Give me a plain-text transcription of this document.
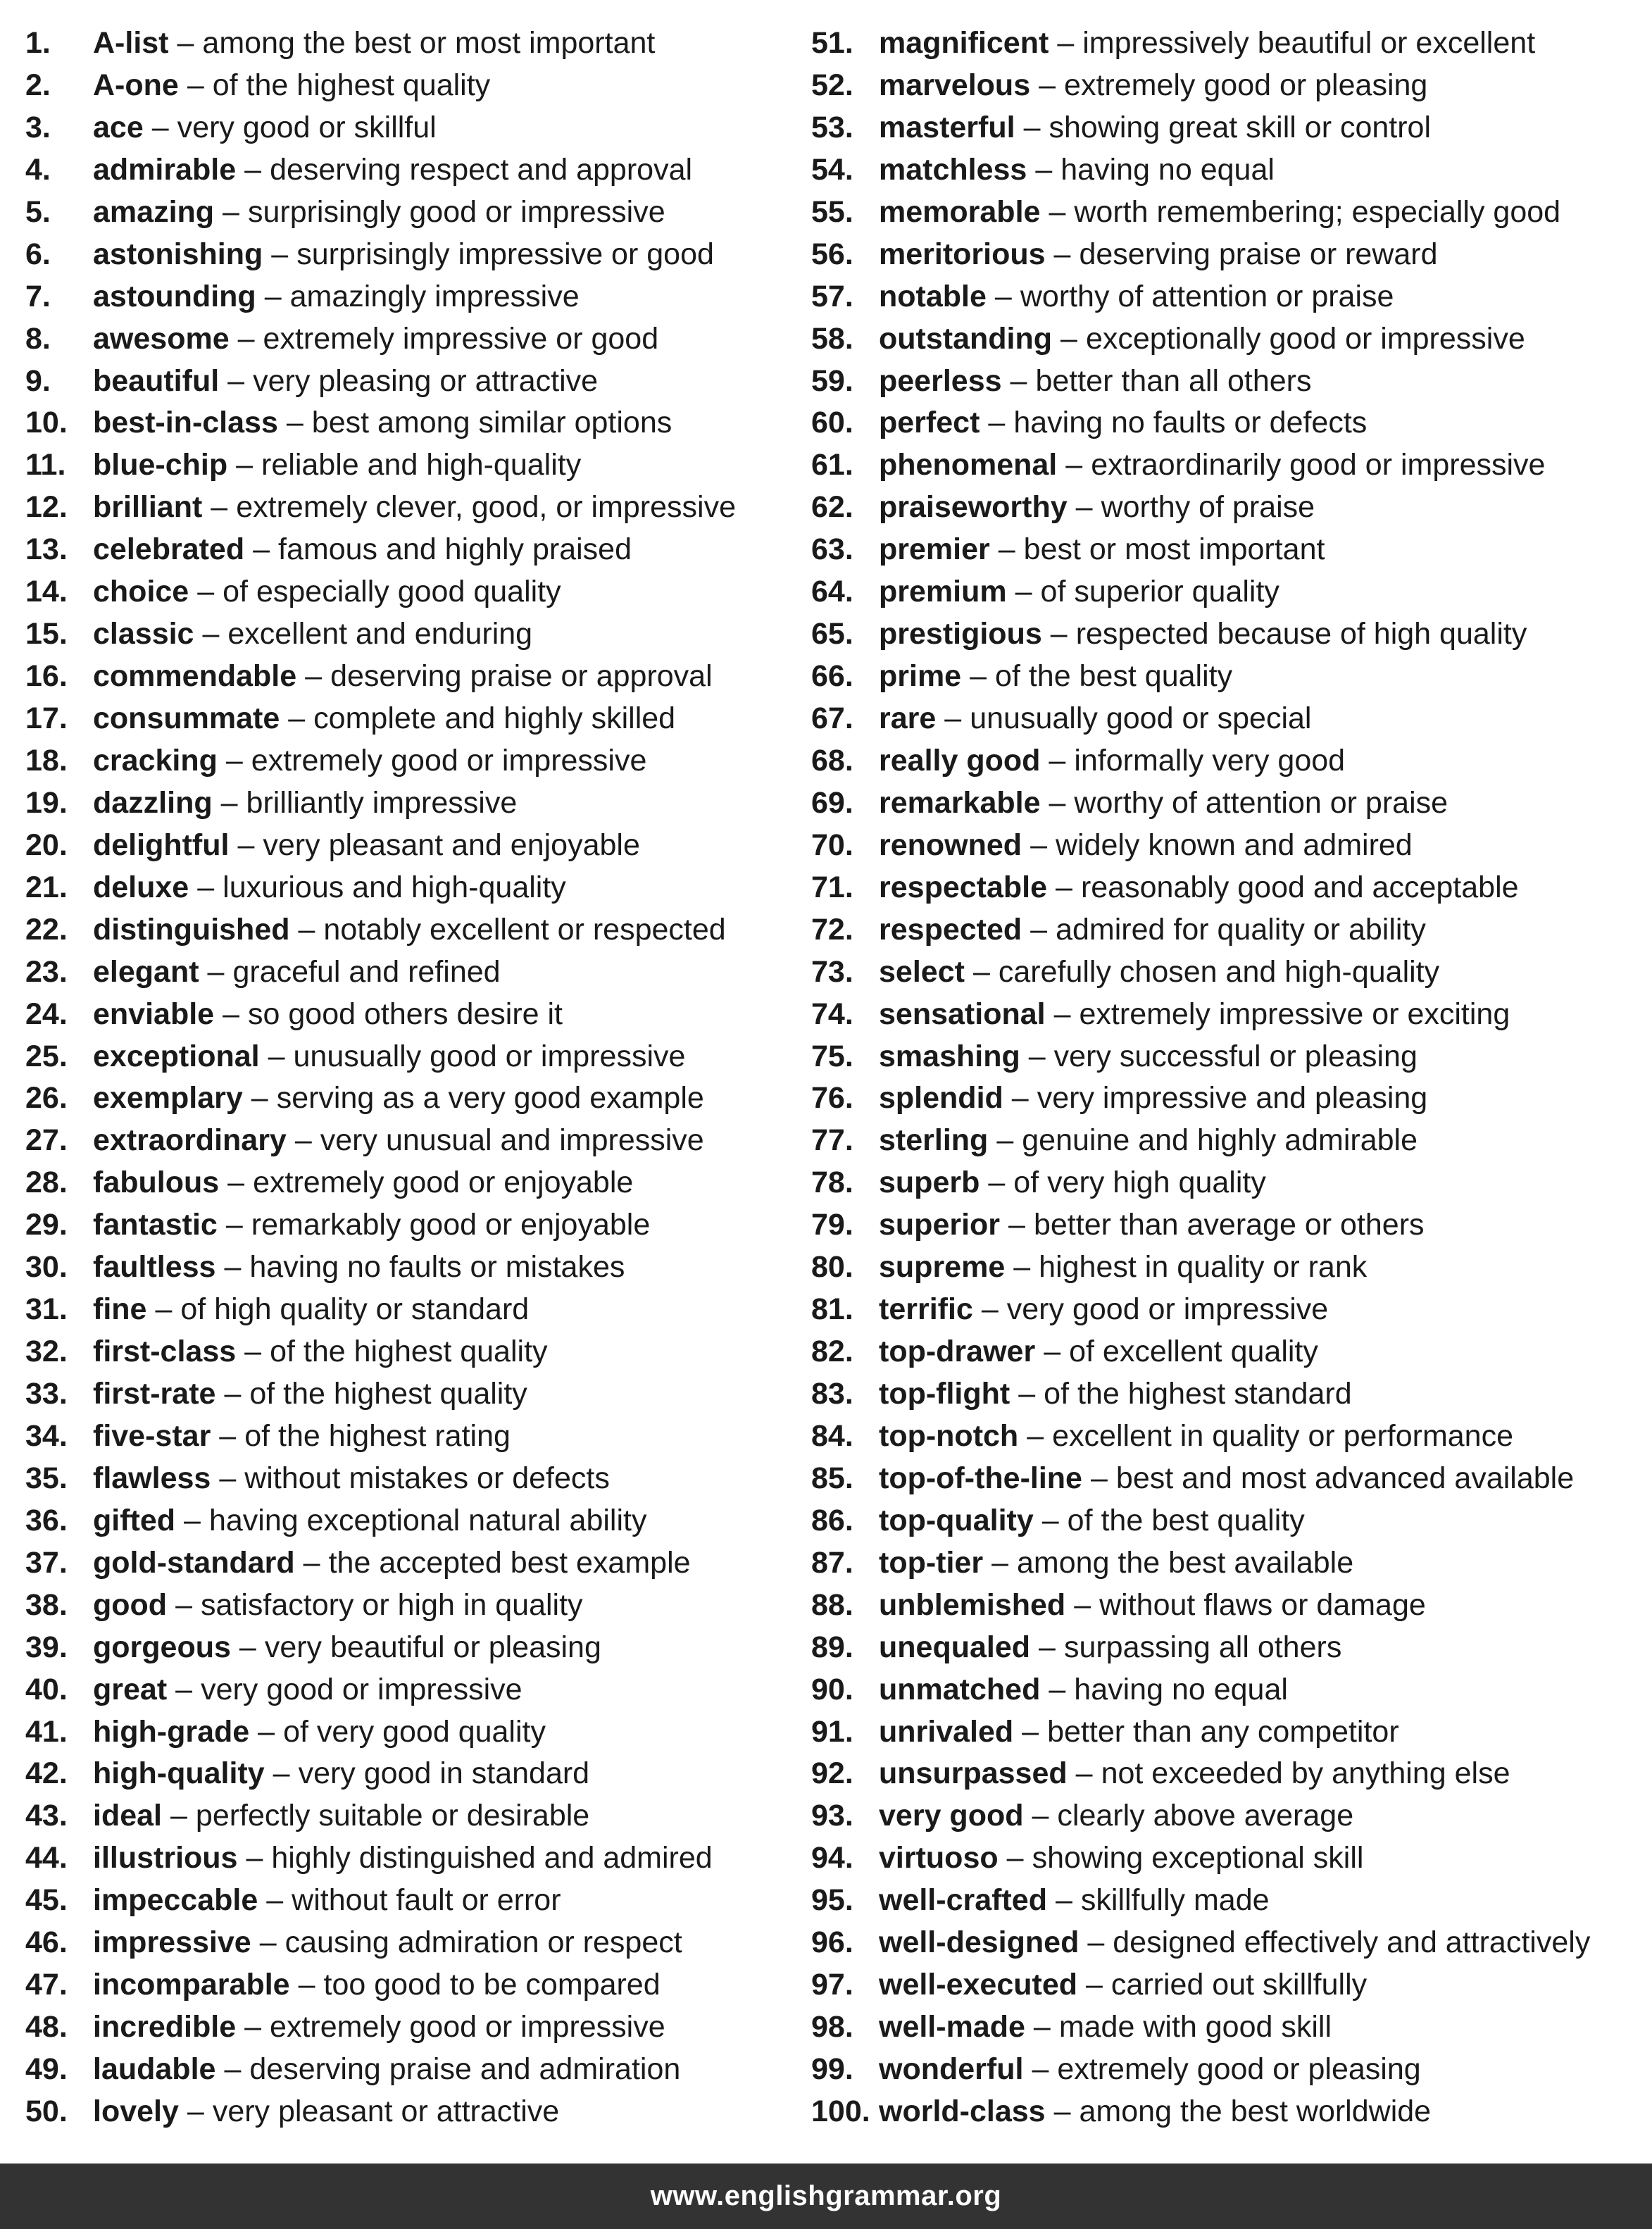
1.	A-list – among the best or most important
2.	A-one – of the highest quality
3.	ace – very good or skillful
4.	admirable – deserving respect and approval
5.	amazing – surprisingly good or impressive
6.	astonishing – surprisingly impressive or good
7.	astounding – amazingly impressive
8.	awesome – extremely impressive or good
9.	beautiful – very pleasing or attractive
10. best-in-class – best among similar options
11. blue-chip – reliable and high-quality
12. brilliant – extremely clever, good, or impressive
13. celebrated – famous and highly praised
14. choice – of especially good quality
15. classic – excellent and enduring
16. commendable – deserving praise or approval
17. consummate – complete and highly skilled
18. cracking – extremely good or impressive
19. dazzling – brilliantly impressive
20. delightful – very pleasant and enjoyable
21. deluxe – luxurious and high-quality
22. distinguished – notably excellent or respected
23. elegant – graceful and refined
24. enviable – so good others desire it
25. exceptional – unusually good or impressive
26. exemplary – serving as a very good example
27. extraordinary – very unusual and impressive
28. fabulous – extremely good or enjoyable
29. fantastic – remarkably good or enjoyable
30. faultless – having no faults or mistakes
31. fine – of high quality or standard
32. first-class – of the highest quality
33. first-rate – of the highest quality
34. five-star – of the highest rating
35. flawless – without mistakes or defects
36. gifted – having exceptional natural ability
37. gold-standard – the accepted best example
38. good – satisfactory or high in quality
39. gorgeous – very beautiful or pleasing
40. great – very good or impressive
41. high-grade – of very good quality
42. high-quality – very good in standard
43. ideal – perfectly suitable or desirable
44. illustrious – highly distinguished and admired
45. impeccable – without fault or error
46. impressive – causing admiration or respect
47. incomparable – too good to be compared
48. incredible – extremely good or impressive
49. laudable – deserving praise and admiration
50. lovely – very pleasant or attractive
51. magnificent – impressively beautiful or excellent
52. marvelous – extremely good or pleasing
53. masterful – showing great skill or control
54. matchless – having no equal
55. memorable – worth remembering; especially good
56. meritorious – deserving praise or reward
57. notable – worthy of attention or praise
58. outstanding – exceptionally good or impressive
59. peerless – better than all others
60. perfect – having no faults or defects
61. phenomenal – extraordinarily good or impressive
62. praiseworthy – worthy of praise
63. premier – best or most important
64. premium – of superior quality
65. prestigious – respected because of high quality
66. prime – of the best quality
67. rare – unusually good or special
68. really good – informally very good
69. remarkable – worthy of attention or praise
70. renowned – widely known and admired
71. respectable – reasonably good and acceptable
72. respected – admired for quality or ability
73. select – carefully chosen and high-quality
74. sensational – extremely impressive or exciting
75. smashing – very successful or pleasing
76. splendid – very impressive and pleasing
77. sterling – genuine and highly admirable
78. superb – of very high quality
79. superior – better than average or others
80. supreme – highest in quality or rank
81. terrific – very good or impressive
82. top-drawer – of excellent quality
83. top-flight – of the highest standard
84. top-notch – excellent in quality or performance
85. top-of-the-line – best and most advanced available
86. top-quality – of the best quality
87. top-tier – among the best available
88. unblemished – without flaws or damage
89. unequaled – surpassing all others
90. unmatched – having no equal
91. unrivaled – better than any competitor
92. unsurpassed – not exceeded by anything else
93. very good – clearly above average
94. virtuoso – showing exceptional skill
95. well-crafted – skillfully made
96. well-designed – designed effectively and attractively
97. well-executed – carried out skillfully
98. well-made – made with good skill
99. wonderful – extremely good or pleasing
100. world-class – among the best worldwide
www.englishgrammar.org
